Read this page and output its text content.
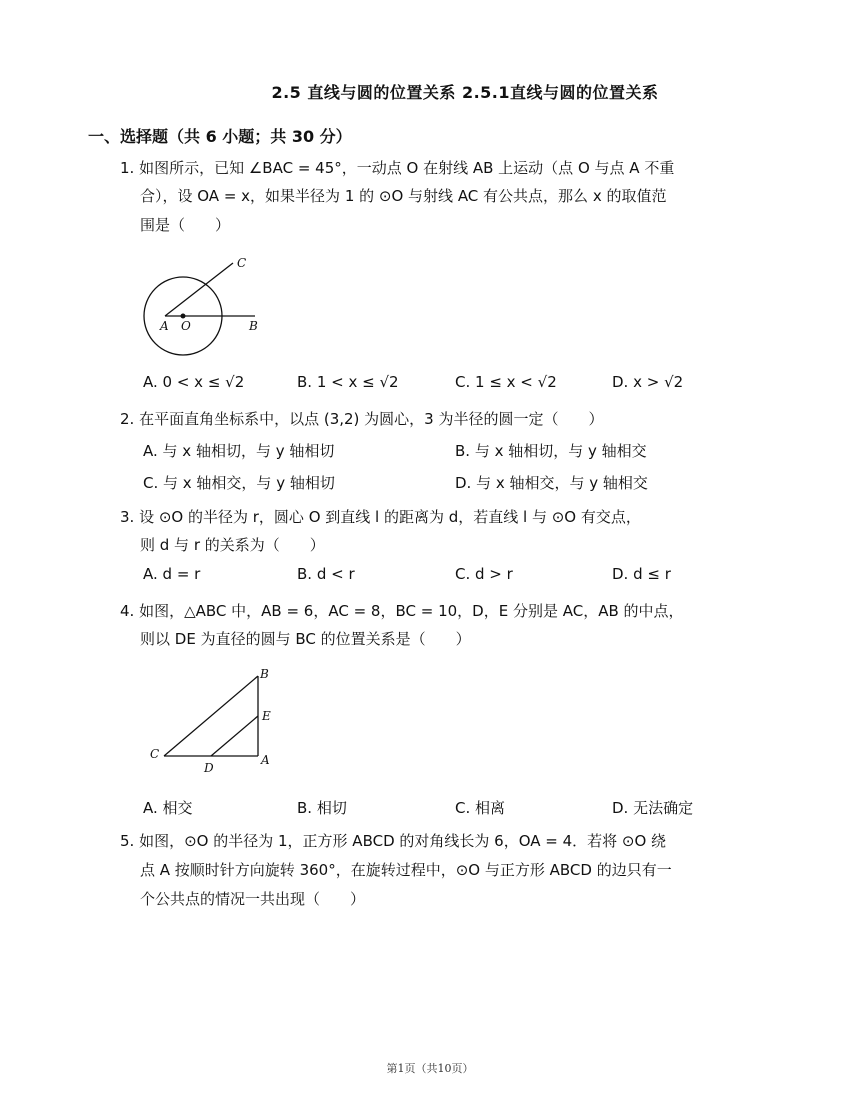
2.5 直线与圆的位置关系 2.5.1直线与圆的位置关系
一、选择题（共 6 小题；共 30 分）
1. 如图所示，已知 ∠BAC = 45°，一动点 O 在射线 AB 上运动（点 O 与点 A 不重
合），设 OA = x，如果半径为 1 的 ⊙O 与射线 AC 有公共点，那么 x 的取值范
围是（　　）
C
A O	B
A. 0 < x ≤ √2	B. 1 < x ≤ √2	C. 1 ≤ x < √2	D. x > √2
2. 在平面直角坐标系中，以点 (3,2) 为圆心，3 为半径的圆一定（　　）
A. 与 x 轴相切，与 y 轴相切	B. 与 x 轴相切，与 y 轴相交
C. 与 x 轴相交，与 y 轴相切	D. 与 x 轴相交，与 y 轴相交
3. 设 ⊙O 的半径为 r，圆心 O 到直线 l 的距离为 d，若直线 l 与 ⊙O 有交点，
则 d 与 r 的关系为（　　）
A. d = r	B. d < r	C. d > r	D. d ≤ r
4. 如图，△ABC 中，AB = 6，AC = 8，BC = 10，D，E 分别是 AC，AB 的中点，
则以 DE 为直径的圆与 BC 的位置关系是（　　）
B
E
C
D
A
A. 相交	B. 相切	C. 相离	D. 无法确定
5. 如图，⊙O 的半径为 1，正方形 ABCD 的对角线长为 6，OA = 4．若将 ⊙O 绕
点 A 按顺时针方向旋转 360°，在旋转过程中，⊙O 与正方形 ABCD 的边只有一
个公共点的情况一共出现（　　）
第1页（共10页）
